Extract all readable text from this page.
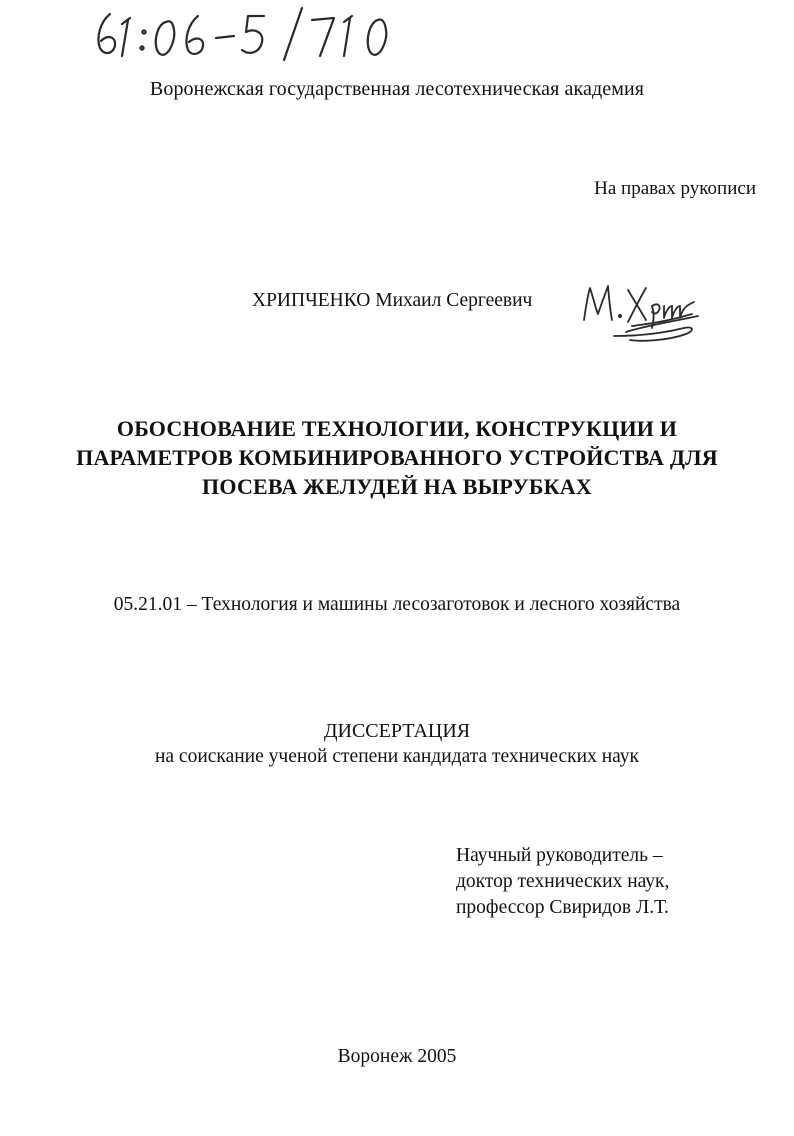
Воронежская государственная лесотехническая академия
На правах рукописи
ХРИПЧЕНКО Михаил Сергеевич
ОБОСНОВАНИЕ ТЕХНОЛОГИИ, КОНСТРУКЦИИ И
ПАРАМЕТРОВ КОМБИНИРОВАННОГО УСТРОЙСТВА ДЛЯ
ПОСЕВА ЖЕЛУДЕЙ НА ВЫРУБКАХ
05.21.01 – Технология и машины лесозаготовок и лесного хозяйства
ДИССЕРТАЦИЯ
на соискание ученой степени кандидата технических наук
Научный руководитель –
доктор технических наук,
профессор Свиридов Л.Т.
Воронеж 2005
